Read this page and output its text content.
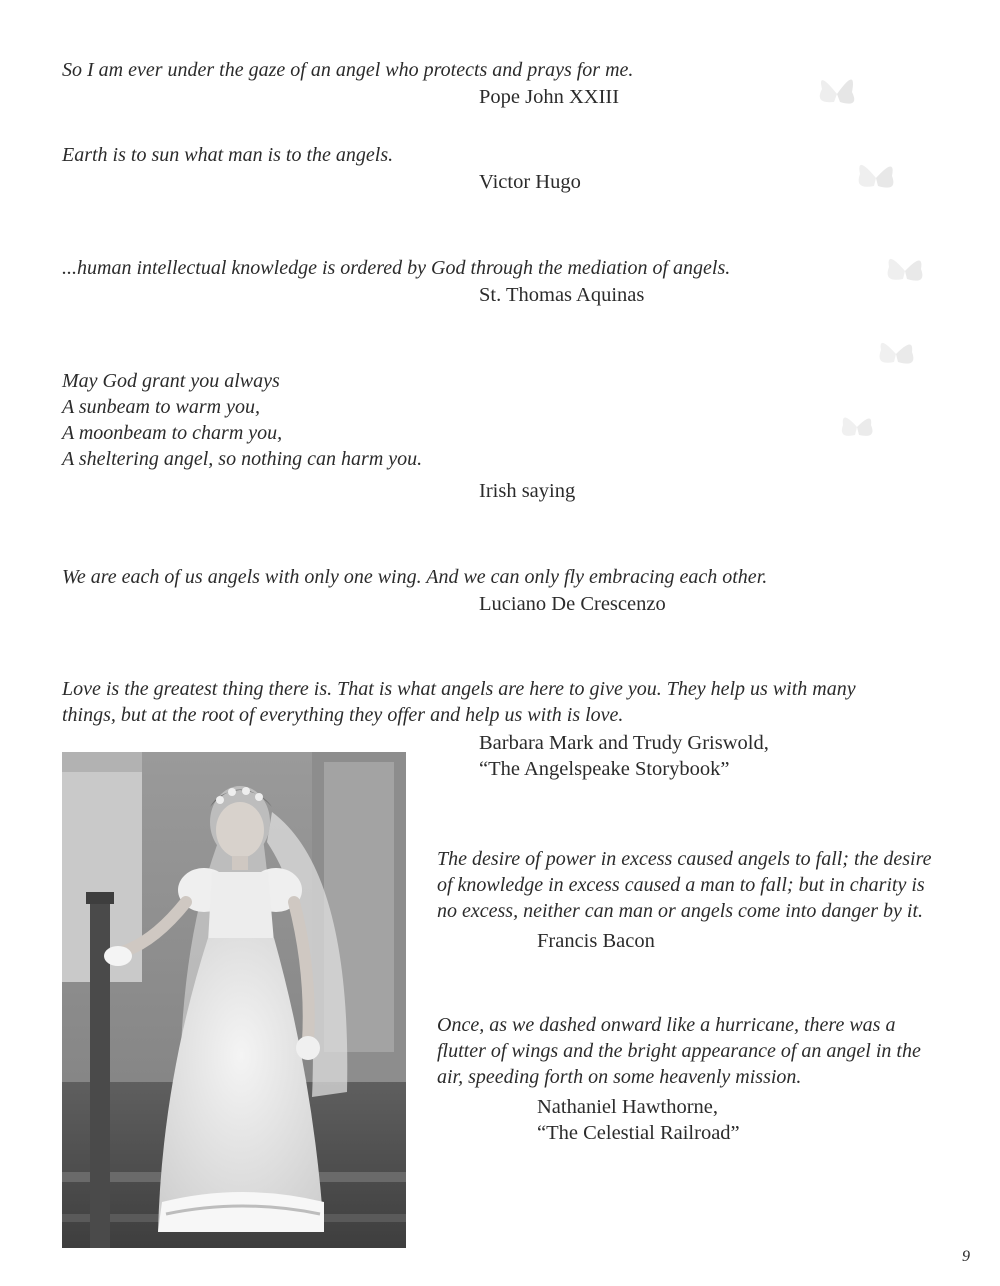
So I am ever under the gaze of an angel who protects and prays for me.

Pope John XXIII

Earth is to sun what man is to the angels.

Victor Hugo

...human intellectual knowledge is ordered by God through the mediation of angels.

St. Thomas Aquinas

May God grant you always
A sunbeam to warm you,
A moonbeam to charm you,
A sheltering angel, so nothing can harm you.

Irish saying

We are each of us angels with only one wing. And we can only fly embracing each other.

Luciano De Crescenzo

Love is the greatest thing there is. That is what angels are here to give you. They help us with many
things, but at the root of everything they offer and help us with is love.

Barbara Mark and Trudy Griswold,
“The Angelspeake Storybook”

The desire of power in excess caused angels to fall; the desire
of knowledge in excess caused a man to fall; but in charity is
no excess, neither can man or angels come into danger by it.

Francis Bacon

Once, as we dashed onward like a hurricane, there was a
flutter of wings and the bright appearance of an angel in the
air, speeding forth on some heavenly mission.

Nathaniel Hawthorne,
“The Celestial Railroad”

9
